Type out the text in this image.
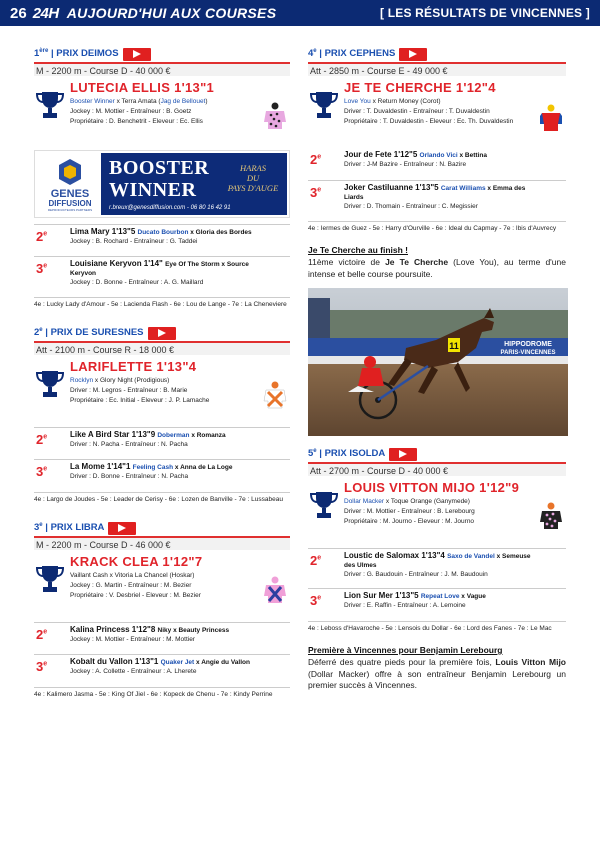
26 24H AUJOURD'HUI AUX COURSES	[ LES RÉSULTATS DE VINCENNES ]
1ère | PRIX DEIMOS
M - 2200 m - Course D - 40 000 €
LUTECIA ELLIS 1'13"1
Booster Winner x Terra Amata (Jag de Bellouet)
Jockey : M. Mottier - Entraîneur : B. Goetz
Propriétaire : D. Benchetrit - Eleveur : Ec. Ellis
GENES
DIFFUSION
REPRODUCTEURS PARTNERS
BOOSTER
WINNER
HARAS
DU
PAYS D'AUGE
r.breux@genesdiffusion.com - 06 80 16 42 91
2e	Lima Mary 1'13"5 Ducato Bourbon x Gloria des Bordes
Jockey : B. Rochard - Entraîneur : G. Taddei
3e	Louisiane Keryvon 1'14" Eye Of The Storm x Source
Keryvon
Jockey : D. Bonne - Entraîneur : A. G. Maillard
4e : Lucky Lady d'Amour - 5e : Lacienda Flash - 6e : Lou de Lange - 7e : La Cheneviere
2e | PRIX DE SURESNES
Att - 2100 m - Course R - 18 000 €
LARIFLETTE 1'13"4
Rocklyn x Glory Night (Prodigious)
Driver : M. Legros - Entraîneur : B. Marie
Propriétaire : Ec. Initial - Eleveur : J. P. Lamache
2e	Like A Bird Star 1'13"9 Doberman x Romanza
Driver : N. Pacha - Entraîneur : N. Pacha
3e	La Mome 1'14"1 Feeling Cash x Anna de La Loge
Driver : D. Bonne - Entraîneur : N. Pacha
4e : Largo de Joudes - 5e : Leader de Cerisy - 6e : Lozen de Banville - 7e : Lussabeau
3e | PRIX LIBRA
M - 2200 m - Course D - 46 000 €
KRACK CLEA 1'12"7
Vaillant Cash x Vitoria La Chancel (Hoskar)
Jockey : G. Martin - Entraîneur : M. Bezier
Propriétaire : V. Desbriel - Eleveur : M. Bezier
2e	Kalina Princess 1'12"8 Niky x Beauty Princess
Jockey : M. Mottier - Entraîneur : M. Mottier
3e	Kobalt du Vallon 1'13"1 Quaker Jet x Angie du Vallon
Jockey : A. Collette - Entraîneur : A. Lherete
4e : Kalimero Jasma - 5e : King Of Jiel - 6e : Kopeck de Chenu - 7e : Kindy Perrine
4e | PRIX CEPHENS
Att - 2850 m - Course E - 49 000 €
JE TE CHERCHE 1'12"4
Love You x Return Money (Corot)
Driver : T. Duvaldestin - Entraîneur : T. Duvaldestin
Propriétaire : T. Duvaldestin - Eleveur : Ec. Th. Duvaldestin
2e	Jour de Fete 1'12"5 Orlando Vici x Bettina
Driver : J-M Bazire - Entraîneur : N. Bazire
3e	Joker Castiluanne 1'13"5 Carat Williams x Emma des
Liards
Driver : D. Thomain - Entraîneur : C. Megissier
4e : Iermes de Guez - 5e : Harry d'Ourville - 6e : Ideal du Capmay - 7e : Ibis d'Auvrecy
Je Te Cherche au finish !
11ème victoire de Je Te Cherche (Love You), au terme d'une intense et belle course poursuite.
HIPPODROME
PARIS-VINCENNES
11
5e | PRIX ISOLDA
Att - 2700 m - Course D - 40 000 €
LOUIS VITTON MIJO 1'12"9
Dollar Macker x Toque Orange (Ganymede)
Driver : M. Mottier - Entraîneur : B. Lerebourg
Propriétaire : M. Journo - Eleveur : M. Journo
2e	Loustic de Salomax 1'13"4 Saxo de Vandel x Semeuse
des Ulmes
Driver : G. Baudouin - Entraîneur : J. M. Baudouin
3e	Lion Sur Mer 1'13"5 Repeat Love x Vague
Driver : E. Raffin - Entraîneur : A. Lemoine
4e : Leboss d'Havaroche - 5e : Lensois du Dollar - 6e : Lord des Fanes - 7e : Le Mac
Première à Vincennes pour Benjamin Lerebourg
Déferré des quatre pieds pour la première fois, Louis Vitton Mijo (Dollar Macker) offre à son entraîneur Benjamin Lerebourg un premier succès à Vincennes.
